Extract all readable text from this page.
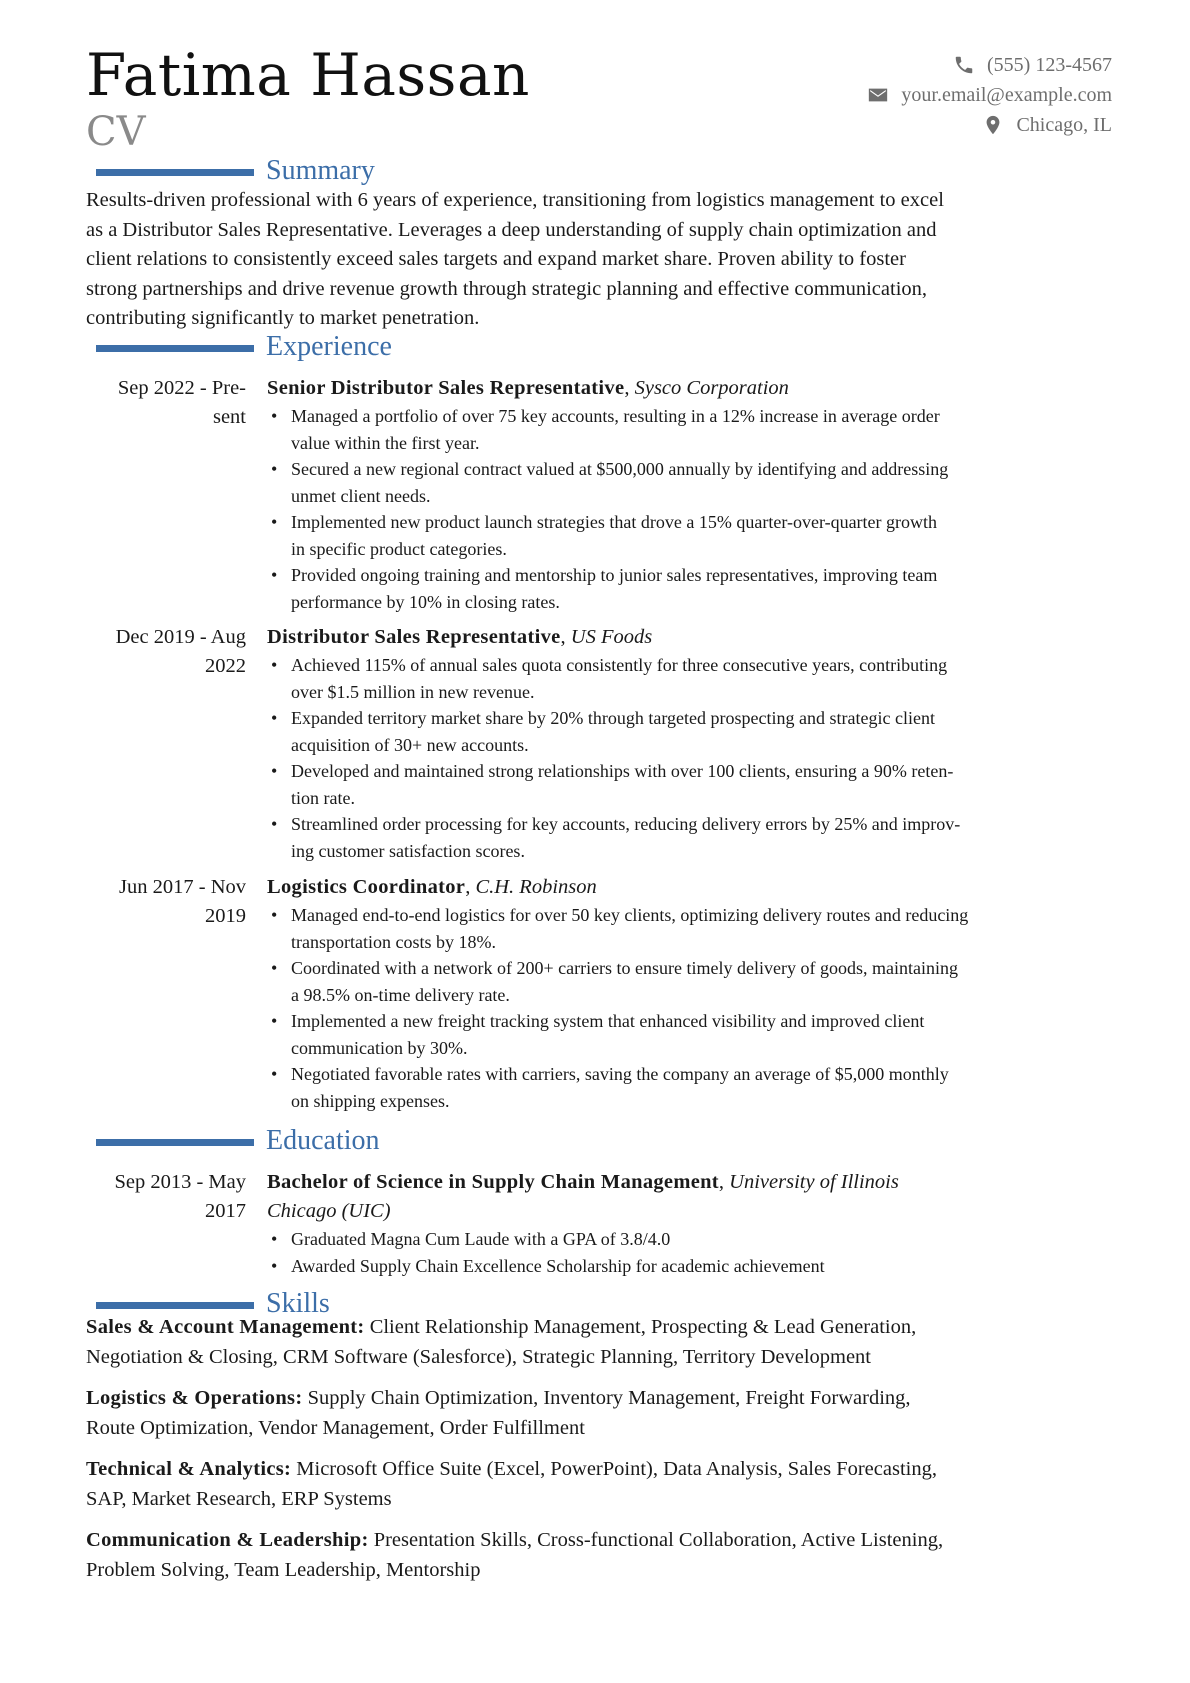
Fatima Hassan
CV
(555) 123-4567
your.email@example.com
Chicago, IL
Summary
Results-driven professional with 6 years of experience, transitioning from logistics management to excel
as a Distributor Sales Representative. Leverages a deep understanding of supply chain optimization and
client relations to consistently exceed sales targets and expand market share. Proven ability to foster
strong partnerships and drive revenue growth through strategic planning and effective communication,
contributing significantly to market penetration.
Experience
Sep 2022 - Pre-
sent
Senior Distributor Sales Representative, Sysco Corporation
• Managed a portfolio of over 75 key accounts, resulting in a 12% increase in average order
value within the first year.
• Secured a new regional contract valued at $500,000 annually by identifying and addressing
unmet client needs.
• Implemented new product launch strategies that drove a 15% quarter-over-quarter growth
in specific product categories.
• Provided ongoing training and mentorship to junior sales representatives, improving team
performance by 10% in closing rates.
Dec 2019 - Aug
2022
Distributor Sales Representative, US Foods
• Achieved 115% of annual sales quota consistently for three consecutive years, contributing
over $1.5 million in new revenue.
• Expanded territory market share by 20% through targeted prospecting and strategic client
acquisition of 30+ new accounts.
• Developed and maintained strong relationships with over 100 clients, ensuring a 90% reten-
tion rate.
• Streamlined order processing for key accounts, reducing delivery errors by 25% and improv-
ing customer satisfaction scores.
Jun 2017 - Nov
2019
Logistics Coordinator, C.H. Robinson
• Managed end-to-end logistics for over 50 key clients, optimizing delivery routes and reducing
transportation costs by 18%.
• Coordinated with a network of 200+ carriers to ensure timely delivery of goods, maintaining
a 98.5% on-time delivery rate.
• Implemented a new freight tracking system that enhanced visibility and improved client
communication by 30%.
• Negotiated favorable rates with carriers, saving the company an average of $5,000 monthly
on shipping expenses.
Education
Sep 2013 - May
2017
Bachelor of Science in Supply Chain Management, University of Illinois
Chicago (UIC)
• Graduated Magna Cum Laude with a GPA of 3.8/4.0
• Awarded Supply Chain Excellence Scholarship for academic achievement
Skills
Sales & Account Management: Client Relationship Management, Prospecting & Lead Generation,
Negotiation & Closing, CRM Software (Salesforce), Strategic Planning, Territory Development
Logistics & Operations: Supply Chain Optimization, Inventory Management, Freight Forwarding,
Route Optimization, Vendor Management, Order Fulfillment
Technical & Analytics: Microsoft Office Suite (Excel, PowerPoint), Data Analysis, Sales Forecasting,
SAP, Market Research, ERP Systems
Communication & Leadership: Presentation Skills, Cross-functional Collaboration, Active Listening,
Problem Solving, Team Leadership, Mentorship
